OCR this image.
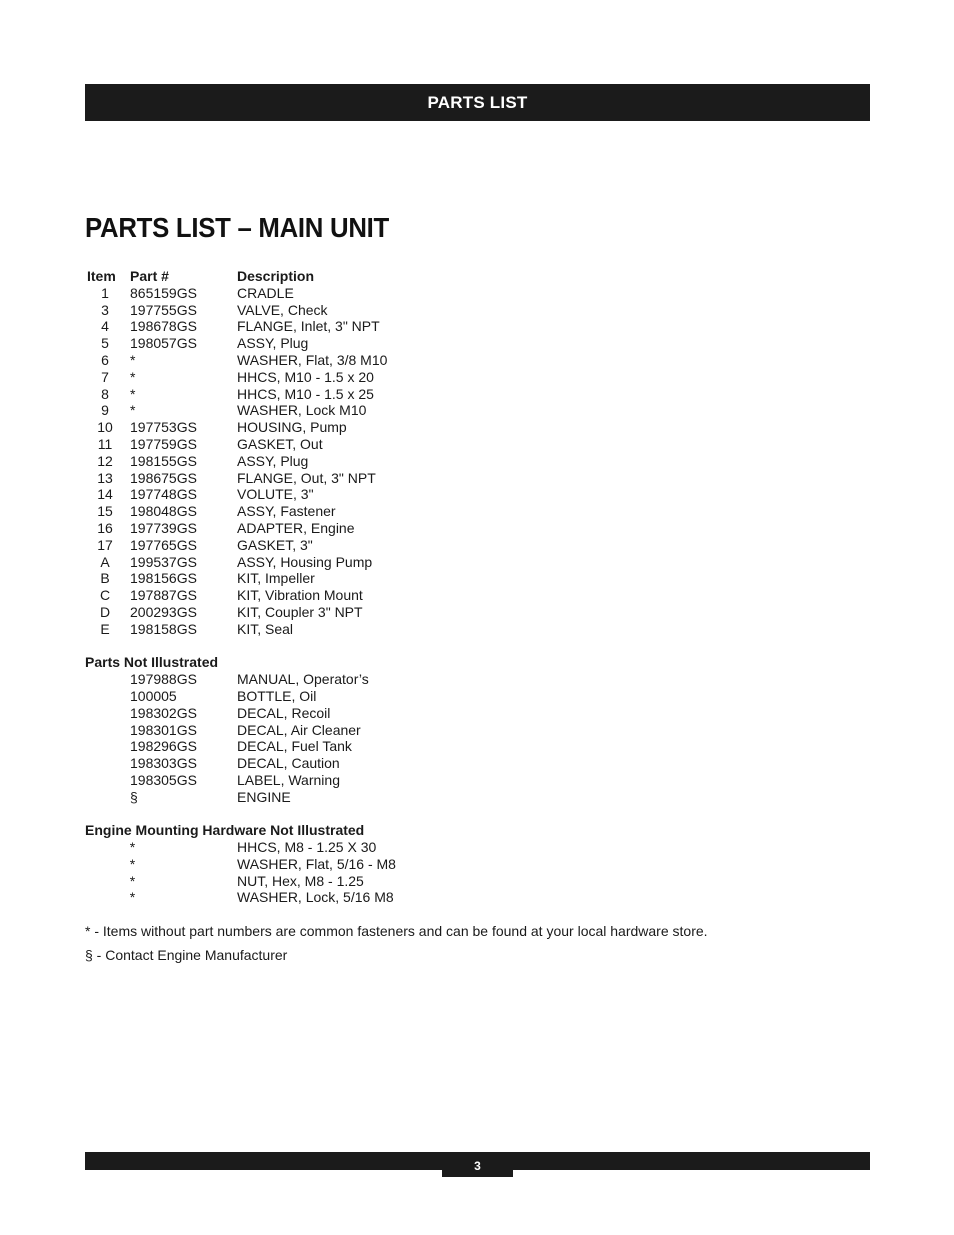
PARTS LIST
PARTS LIST – MAIN UNIT
Item Part #	Description
1	865159GS	CRADLE
3	197755GS	VALVE, Check
4	198678GS	FLANGE, Inlet, 3" NPT
5	198057GS	ASSY, Plug
6	*	WASHER, Flat, 3/8 M10
7	*	HHCS, M10 - 1.5 x 20
8	*	HHCS, M10 - 1.5 x 25
9	*	WASHER, Lock M10
10	197753GS	HOUSING, Pump
11	197759GS	GASKET, Out
12	198155GS	ASSY, Plug
13	198675GS	FLANGE, Out, 3" NPT
14	197748GS	VOLUTE, 3"
15	198048GS	ASSY, Fastener
16	197739GS	ADAPTER, Engine
17	197765GS	GASKET, 3"
A	199537GS	ASSY, Housing Pump
B	198156GS	KIT, Impeller
C	197887GS	KIT, Vibration Mount
D	200293GS	KIT, Coupler 3" NPT
E	198158GS	KIT, Seal
Parts Not Illustrated
197988GS	MANUAL, Operator’s
100005	BOTTLE, Oil
198302GS	DECAL, Recoil
198301GS	DECAL, Air Cleaner
198296GS	DECAL, Fuel Tank
198303GS	DECAL, Caution
198305GS	LABEL, Warning
§	ENGINE
Engine Mounting Hardware Not Illustrated
*	HHCS, M8 - 1.25 X 30
*	WASHER, Flat, 5/16 - M8
*	NUT, Hex, M8 - 1.25
*	WASHER, Lock, 5/16 M8
* - Items without part numbers are common fasteners and can be found at your local hardware store.
§ - Contact Engine Manufacturer
3
